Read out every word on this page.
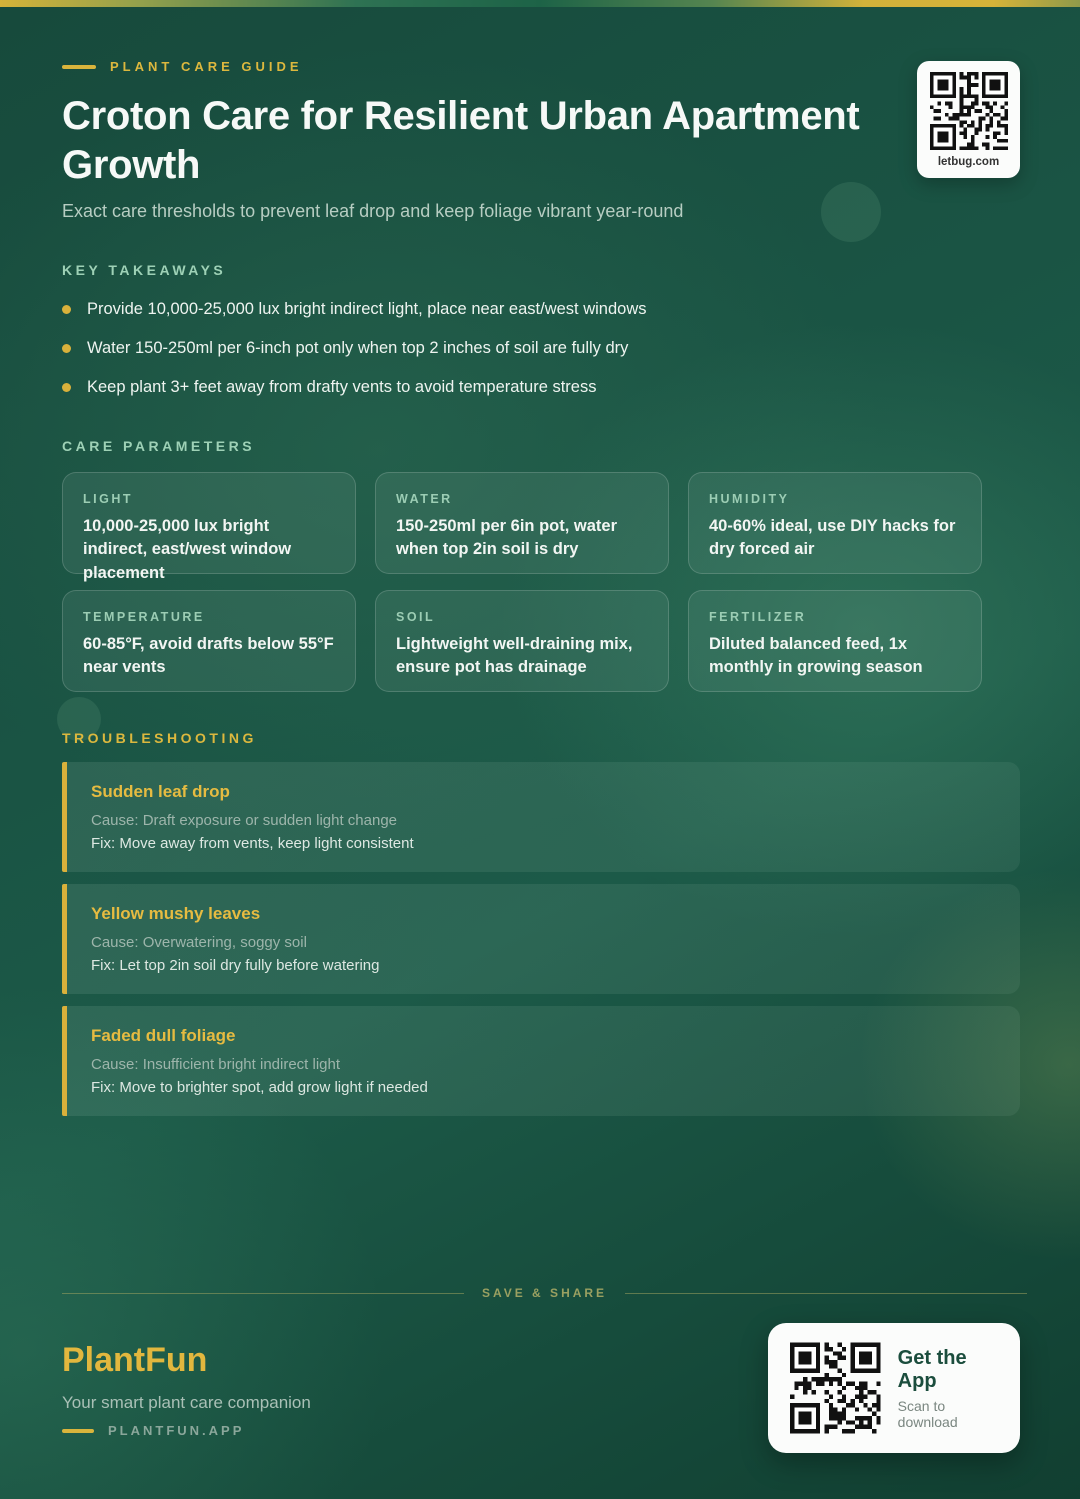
PLANT CARE GUIDE
Croton Care for Resilient Urban Apartment Growth

Exact care thresholds to prevent leaf drop and keep foliage vibrant year-round

letbug.com
KEY TAKEAWAYS
Provide 10,000-25,000 lux bright indirect light, place near east/west windows
Water 150-250ml per 6-inch pot only when top 2 inches of soil are fully dry
Keep plant 3+ feet away from drafty vents to avoid temperature stress
CARE PARAMETERS
LIGHT
10,000-25,000 lux bright indirect, east/west window placement
WATER
150-250ml per 6in pot, water when top 2in soil is dry
HUMIDITY
40-60% ideal, use DIY hacks for dry forced air
TEMPERATURE
60-85°F, avoid drafts below 55°F near vents
SOIL
Lightweight well-draining mix, ensure pot has drainage
FERTILIZER
Diluted balanced feed, 1x monthly in growing season
TROUBLESHOOTING
Sudden leaf drop
Cause: Draft exposure or sudden light change
Fix: Move away from vents, keep light consistent
Yellow mushy leaves
Cause: Overwatering, soggy soil
Fix: Let top 2in soil dry fully before watering
Faded dull foliage
Cause: Insufficient bright indirect light
Fix: Move to brighter spot, add grow light if needed
SAVE & SHARE
PlantFun
Your smart plant care companion
PLANTFUN.APP
Get the App
Scan to download
